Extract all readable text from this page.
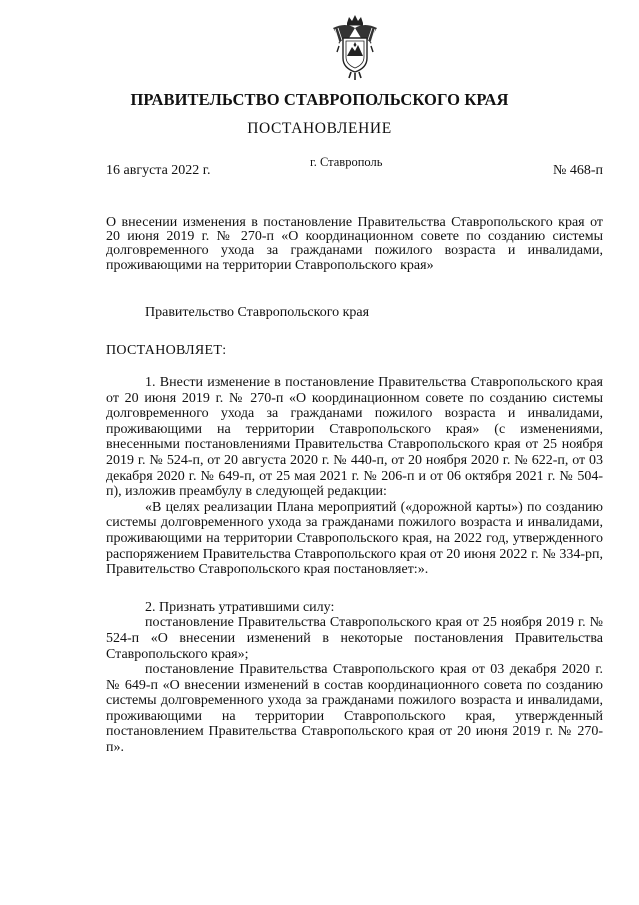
ПРАВИТЕЛЬСТВО СТАВРОПОЛЬСКОГО КРАЯ
ПОСТАНОВЛЕНИЕ
16 августа 2022 г.
г. Ставрополь
№ 468-п

О внесении изменения в постановление Правительства Ставропольского края от 20 июня 2019 г. № 270-п «О координационном совете по созданию системы долговременного ухода за гражданами пожилого возраста и инвалидами, проживающими на территории Ставропольского края»

Правительство Ставропольского края
ПОСТАНОВЛЯЕТ:

1. Внести изменение в постановление Правительства Ставропольского края от 20 июня 2019 г. № 270-п «О координационном совете по созданию системы долговременного ухода за гражданами пожилого возраста и инвалидами, проживающими на территории Ставропольского края» (с изменениями, внесенными постановлениями Правительства Ставропольского края от 25 ноября 2019 г. № 524-п, от 20 августа 2020 г. № 440-п, от 20 ноября 2020 г. № 622-п, от 03 декабря 2020 г. № 649-п, от 25 мая 2021 г. № 206-п и от 06 октября 2021 г. № 504-п), изложив преамбулу в следующей редакции:

«В целях реализации Плана мероприятий («дорожной карты») по созданию системы долговременного ухода за гражданами пожилого возраста и инвалидами, проживающими на территории Ставропольского края, на 2022 год, утвержденного распоряжением Правительства Ставропольского края от 20 июня 2022 г. № 334-рп, Правительство Ставропольского края постановляет:».

2. Признать утратившими силу:

постановление Правительства Ставропольского края от 25 ноября 2019 г. № 524-п «О внесении изменений в некоторые постановления Правительства Ставропольского края»;

постановление Правительства Ставропольского края от 03 декабря 2020 г. № 649-п «О внесении изменений в состав координационного совета по созданию системы долговременного ухода за гражданами пожилого возраста и инвалидами, проживающими на территории Ставропольского края, утвержденный постановлением Правительства Ставропольского края от 20 июня 2019 г. № 270-п».
